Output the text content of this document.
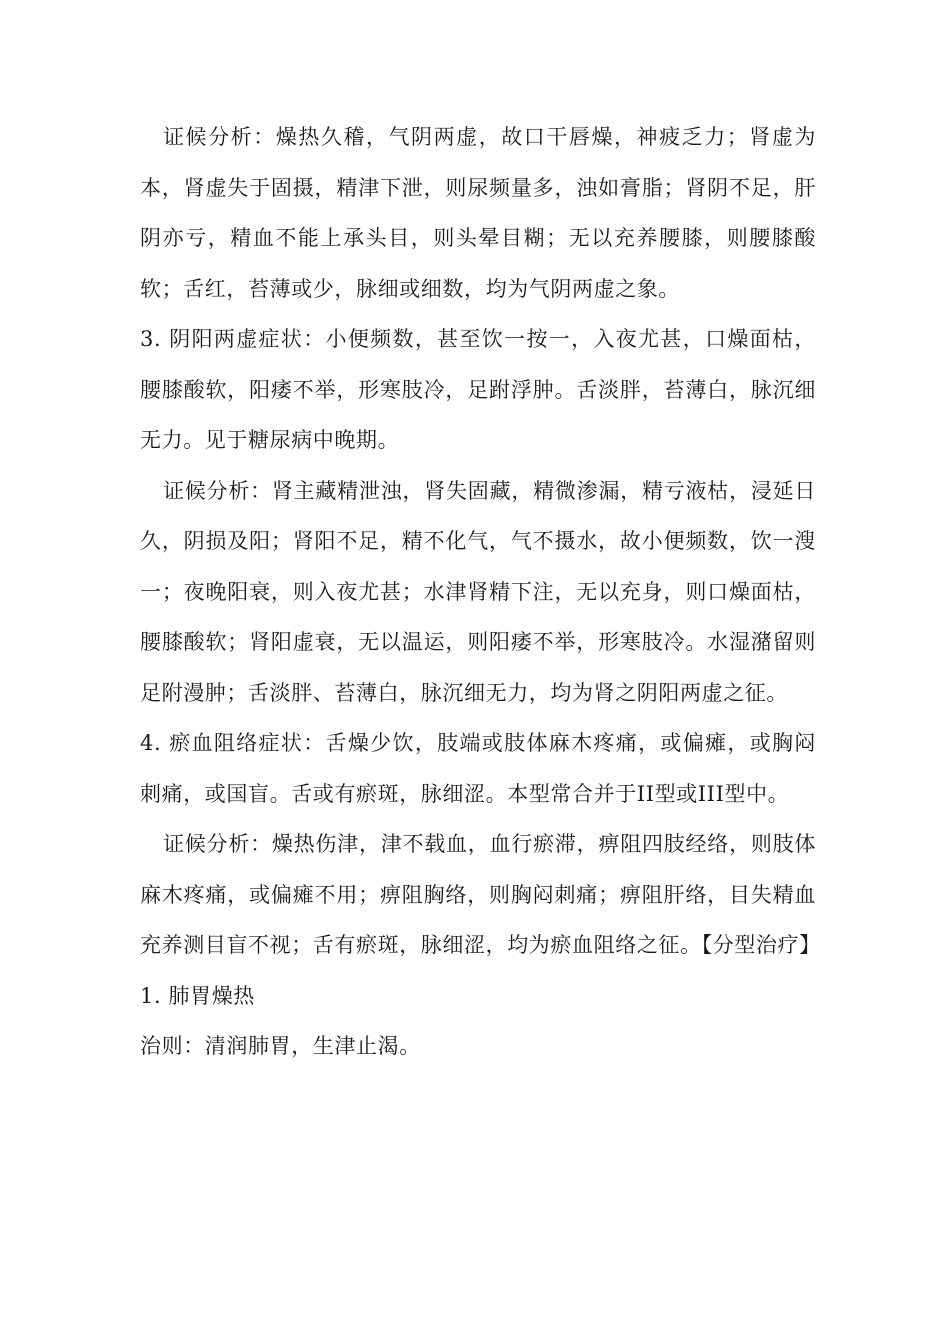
证候分析：燥热久稽，气阴两虚，故口干唇燥，神疲乏力；肾虚为本，肾虚失于固摄，精津下泄，则尿频量多，浊如膏脂；肾阴不足，肝阴亦亏，精血不能上承头目，则头晕目糊；无以充养腰膝，则腰膝酸软；舌红，苔薄或少，脉细或细数，均为气阴两虚之象。

3. 阴阳两虚症状：小便频数，甚至饮一按一，入夜尤甚，口燥面枯，腰膝酸软，阳痿不举，形寒肢冷，足跗浮肿。舌淡胖，苔薄白，脉沉细无力。见于糖尿病中晚期。

证候分析：肾主藏精泄浊，肾失固藏，精微渗漏，精亏液枯，浸延日久，阴损及阳；肾阳不足，精不化气，气不摄水，故小便频数，饮一溲一；夜晚阳衰，则入夜尤甚；水津肾精下注，无以充身，则口燥面枯，腰膝酸软；肾阳虚衰，无以温运，则阳痿不举，形寒肢冷。水湿潴留则足附漫肿；舌淡胖、苔薄白，脉沉细无力，均为肾之阴阳两虚之征。

4. 瘀血阻络症状：舌燥少饮，肢端或肢体麻木疼痛，或偏瘫，或胸闷刺痛，或国盲。舌或有瘀斑，脉细涩。本型常合并于II型或III型中。

证候分析：燥热伤津，津不载血，血行瘀滞，痹阻四肢经络，则肢体麻木疼痛，或偏瘫不用；痹阻胸络，则胸闷刺痛；痹阻肝络，目失精血充养测目盲不视；舌有瘀斑，脉细涩，均为瘀血阻络之征。【分型治疗】

1. 肺胃燥热

治则：清润肺胃，生津止渴。
